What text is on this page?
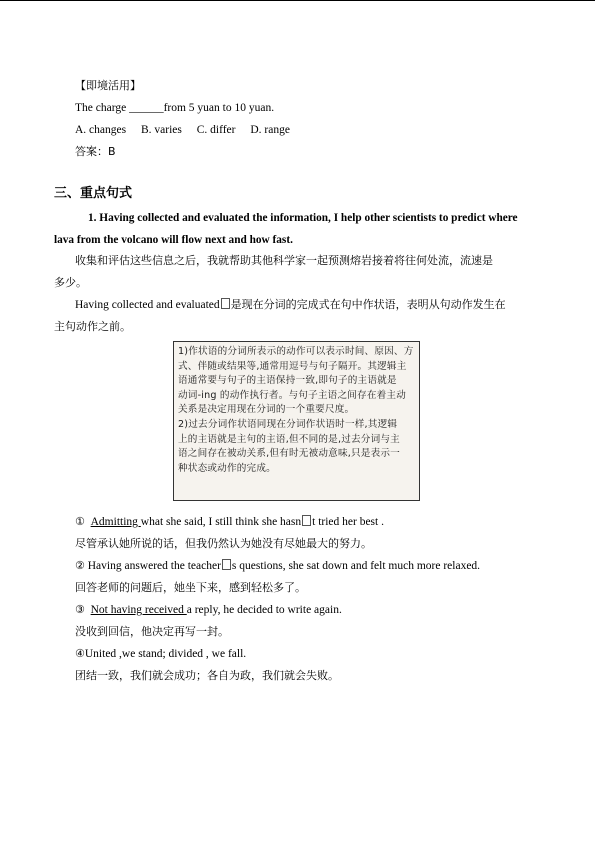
【即境活用】
The charge ______from 5 yuan to 10 yuan.
A. changes B. varies C. differ D. range
答案：B
三、重点句式
1. Having collected and evaluated the information, I help other scientists to predict where
lava from the volcano will flow next and how fast.
收集和评估这些信息之后，我就帮助其他科学家一起预测熔岩接着将往何处流，流速是
多少。
Having collected and evaluated 是现在分词的完成式在句中作状语，表明从句动作发生在
主句动作之前。
1)作状语的分词所表示的动作可以表示时间、原因、方
式、伴随或结果等,通常用逗号与句子隔开。其逻辑主
语通常要与句子的主语保持一致,即句子的主语就是
动词-ing 的动作执行者。与句子主语之间存在着主动
关系是决定用现在分词的一个重要尺度。
2)过去分词作状语同现在分词作状语时一样,其逻辑
上的主语就是主句的主语,但不同的是,过去分词与主
语之间存在被动关系,但有时无被动意味,只是表示一
种状态或动作的完成。
① Admitting what she said, I still think she hasn t tried her best .
尽管承认她所说的话，但我仍然认为她没有尽她最大的努力。
② Having answered the teacher s questions, she sat down and felt much more relaxed.
回答老师的问题后，她坐下来，感到轻松多了。
③ Not having received a reply, he decided to write again.
没收到回信，他决定再写一封。
④United ,we stand; divided , we fall.
团结一致，我们就会成功；各自为政，我们就会失败。
